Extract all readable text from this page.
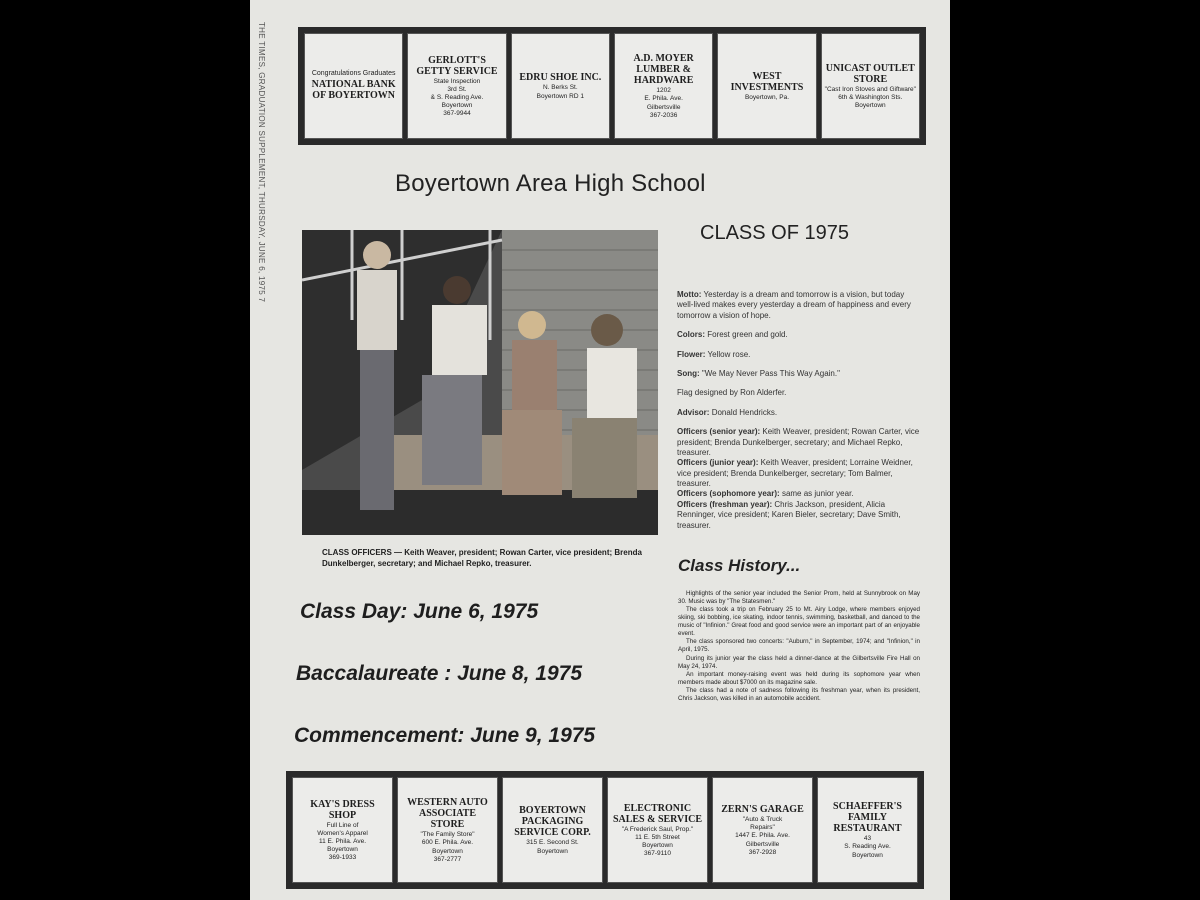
THE TIMES, GRADUATION SUPPLEMENT, THURSDAY, JUNE 6, 1975 7	Congratulations Graduates
NATIONAL BANK OF BOYERTOWN
GERLOTT'S GETTY SERVICE
State Inspection
3rd St.
& S. Reading Ave.
Boyertown
367-9944
EDRU SHOE INC.
N. Berks St.
Boyertown RD 1
A.D. MOYER LUMBER & HARDWARE
1202
E. Phila. Ave.
Gilbertsville
367-2036
WEST INVESTMENTS
Boyertown, Pa.
UNICAST OUTLET STORE
"Cast Iron Stoves and Giftware"
6th & Washington Sts.
Boyertown
Boyertown Area High School
CLASS OF 1975
CLASS OFFICERS — Keith Weaver, president; Rowan Carter, vice president; Brenda Dunkelberger, secretary; and Michael Repko, treasurer.

Motto: Yesterday is a dream and tomorrow is a vision, but today well-lived makes every yesterday a dream of happiness and every tomorrow a vision of hope.

Colors: Forest green and gold.

Flower: Yellow rose.

Song: "We May Never Pass This Way Again."

Flag designed by Ron Alderfer.

Advisor: Donald Hendricks.

Officers (senior year): Keith Weaver, president; Rowan Carter, vice president; Brenda Dunkelberger, secretary; and Michael Repko, treasurer.

Officers (junior year): Keith Weaver, president; Lorraine Weidner, vice president; Brenda Dunkelberger, secretary; Tom Balmer, treasurer.

Officers (sophomore year): same as junior year.

Officers (freshman year): Chris Jackson, president, Alicia Renninger, vice president; Karen Bieler, secretary; Dave Smith, treasurer.

Class History...

Highlights of the senior year included the Senior Prom, held at Sunnybrook on May 30. Music was by "The Statesmen."

The class took a trip on February 25 to Mt. Airy Lodge, where members enjoyed skiing, ski bobbing, ice skating, indoor tennis, swimming, basketball, and danced to the music of "Infinion." Great food and good service were an important part of an enjoyable event.

The class sponsored two concerts: "Auburn," in September, 1974; and "Infinion," in April, 1975.

During its junior year the class held a dinner-dance at the Gilbertsville Fire Hall on May 24, 1974.

An important money-raising event was held during its sophomore year when members made about $7000 on its magazine sale.

The class had a note of sadness following its freshman year, when its president, Chris Jackson, was killed in an automobile accident.

Class Day: June 6, 1975
Baccalaureate : June 8, 1975
Commencement: June 9, 1975
KAY'S DRESS SHOP
Full Line of
Women's Apparel
11 E. Phila. Ave.
Boyertown
369-1933
WESTERN AUTO ASSOCIATE STORE
"The Family Store"
600 E. Phila. Ave.
Boyertown
367-2777
BOYERTOWN PACKAGING SERVICE CORP.
315 E. Second St.
Boyertown
ELECTRONIC SALES & SERVICE
"A Frederick Saul, Prop."
11 E. 5th Street
Boyertown
367-9110
ZERN'S GARAGE
"Auto & Truck
Repairs"
1447 E. Phila. Ave.
Gilbertsville
367-2928
SCHAEFFER'S FAMILY RESTAURANT
43
S. Reading Ave.
Boyertown
